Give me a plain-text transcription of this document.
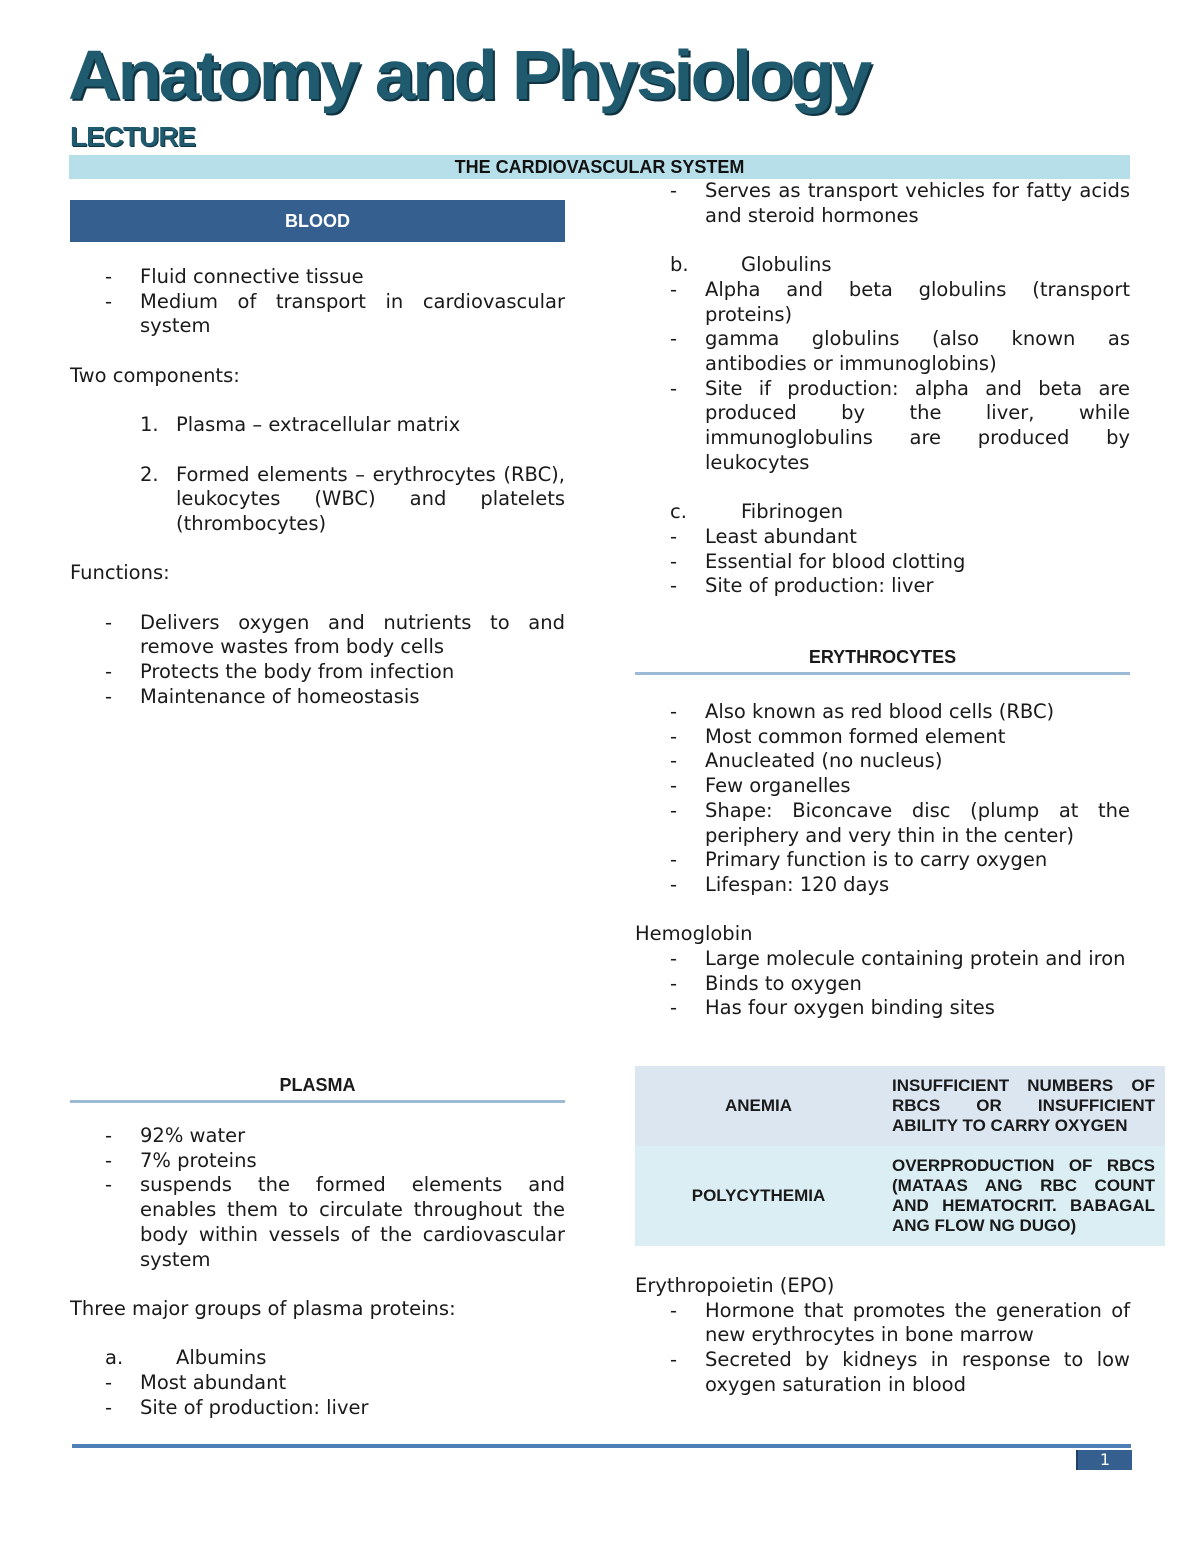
Anatomy and Physiology
LECTURE
THE CARDIOVASCULAR SYSTEM
BLOOD
- Fluid connective tissue
- Medium of transport in cardiovascular system

Two components:

1. Plasma – extracellular matrix
2. Formed elements – erythrocytes (RBC), leukocytes (WBC) and platelets (thrombocytes)

Functions:

- Delivers oxygen and nutrients to and remove wastes from body cells
- Protects the body from infection
- Maintenance of homeostasis
PLASMA
- 92% water
- 7% proteins
- suspends the formed elements and enables them to circulate throughout the body within vessels of the cardiovascular system

Three major groups of plasma proteins:

a.	Albumins
- Most abundant
- Site of production: liver
- Serves as transport vehicles for fatty acids and steroid hormones
b.	Globulins
- Alpha and beta globulins (transport proteins)
- gamma globulins (also known as antibodies or immunoglobins)
- Site if production: alpha and beta are produced by the liver, while immunoglobulins are produced by leukocytes
c.	Fibrinogen
- Least abundant
- Essential for blood clotting
- Site of production: liver
ERYTHROCYTES
- Also known as red blood cells (RBC)
- Most common formed element
- Anucleated (no nucleus)
- Few organelles
- Shape: Biconcave disc (plump at the periphery and very thin in the center)
- Primary function is to carry oxygen
- Lifespan: 120 days

Hemoglobin

- Large molecule containing protein and iron
- Binds to oxygen
- Has four oxygen binding sites
ANEMIA	INSUFFICIENT NUMBERS OF RBCS OR INSUFFICIENT ABILITY TO CARRY OXYGEN
POLYCYTHEMIA	OVERPRODUCTION OF RBCS (MATAAS ANG RBC COUNT AND HEMATOCRIT. BABAGAL ANG FLOW NG DUGO)

Erythropoietin (EPO)

- Hormone that promotes the generation of new erythrocytes in bone marrow
- Secreted by kidneys in response to low oxygen saturation in blood
1
